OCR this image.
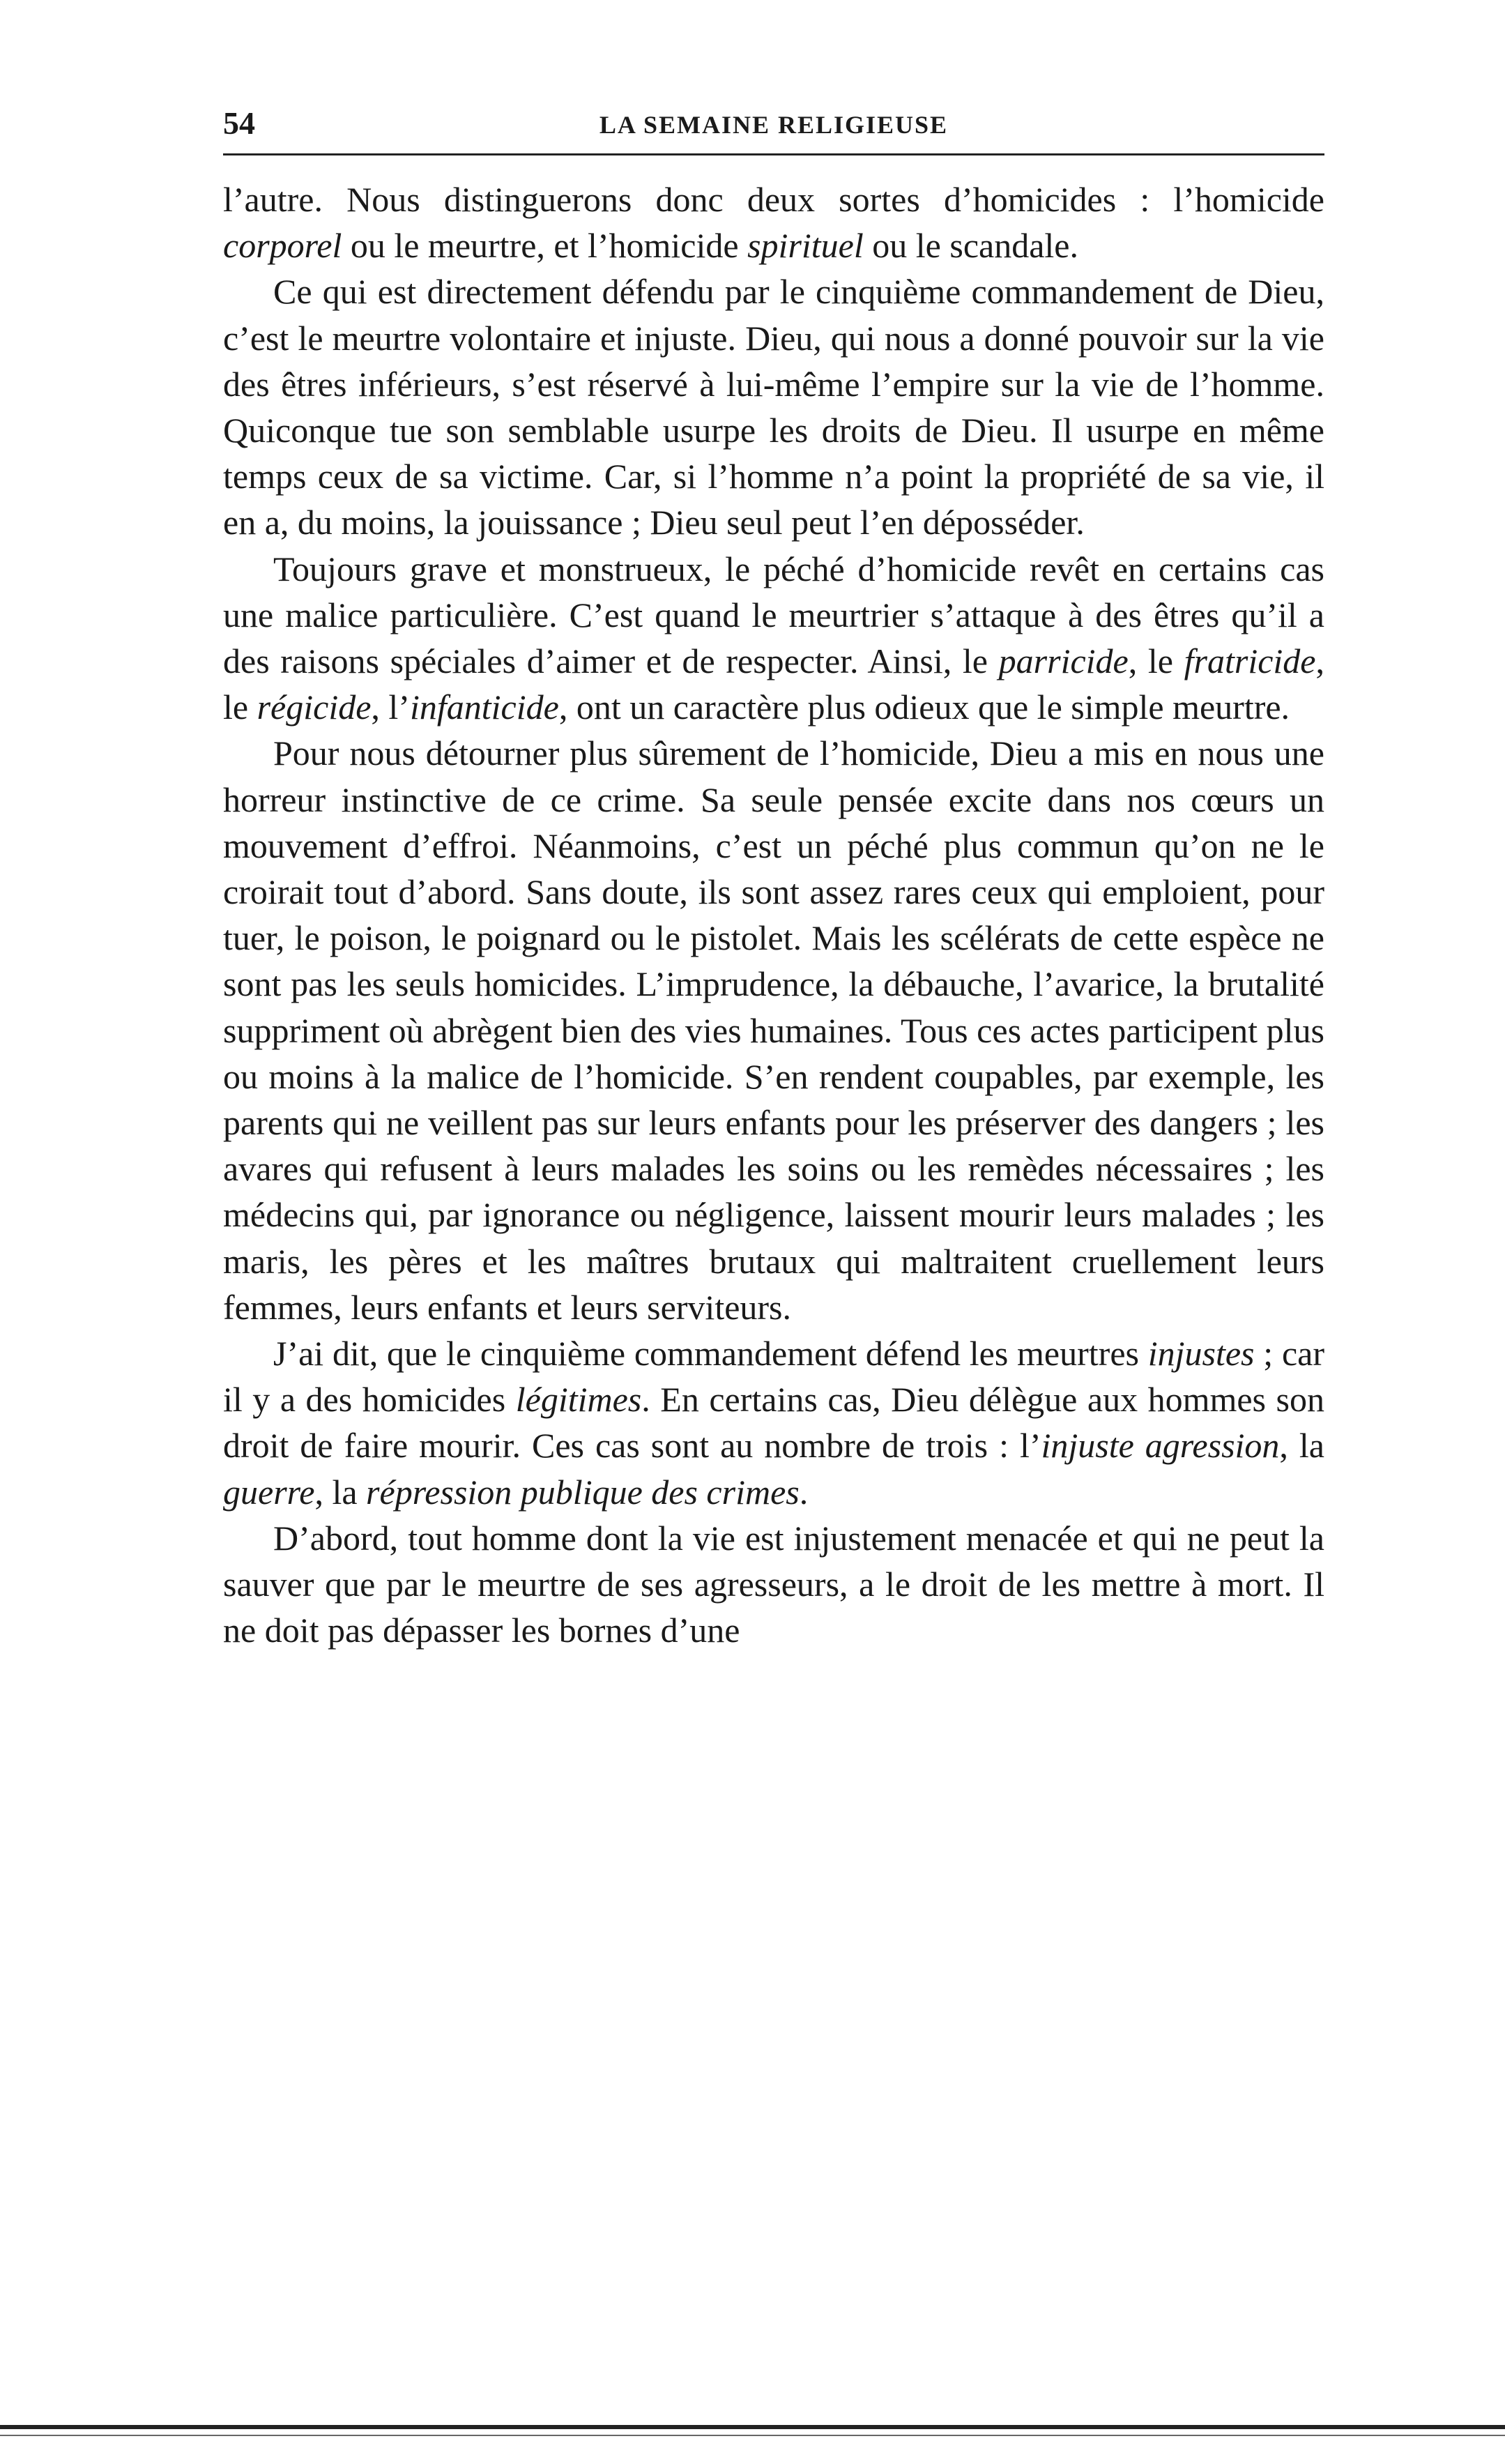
54	LA SEMAINE RELIGIEUSE

l’autre. Nous distinguerons donc deux sortes d’homicides : l’homicide corporel ou le meurtre, et l’homicide spirituel ou le scandale.

Ce qui est directement défendu par le cinquième commandement de Dieu, c’est le meurtre volontaire et injuste. Dieu, qui nous a donné pouvoir sur la vie des êtres inférieurs, s’est réservé à lui-même l’empire sur la vie de l’homme. Quiconque tue son semblable usurpe les droits de Dieu. Il usurpe en même temps ceux de sa victime. Car, si l’homme n’a point la propriété de sa vie, il en a, du moins, la jouissance ; Dieu seul peut l’en déposséder.

Toujours grave et monstrueux, le péché d’homicide revêt en certains cas une malice particulière. C’est quand le meurtrier s’attaque à des êtres qu’il a des raisons spéciales d’aimer et de respecter. Ainsi, le parricide, le fratricide, le régicide, l’infanticide, ont un caractère plus odieux que le simple meurtre.

Pour nous détourner plus sûrement de l’homicide, Dieu a mis en nous une horreur instinctive de ce crime. Sa seule pensée excite dans nos cœurs un mouvement d’effroi. Néanmoins, c’est un péché plus commun qu’on ne le croirait tout d’abord. Sans doute, ils sont assez rares ceux qui emploient, pour tuer, le poison, le poignard ou le pistolet. Mais les scélérats de cette espèce ne sont pas les seuls homicides. L’imprudence, la débauche, l’avarice, la brutalité suppriment où abrègent bien des vies humaines. Tous ces actes participent plus ou moins à la malice de l’homicide. S’en rendent coupables, par exemple, les parents qui ne veillent pas sur leurs enfants pour les préserver des dangers ; les avares qui refusent à leurs malades les soins ou les remèdes nécessaires ; les médecins qui, par ignorance ou négligence, laissent mourir leurs malades ; les maris, les pères et les maîtres brutaux qui maltraitent cruellement leurs femmes, leurs enfants et leurs serviteurs.

J’ai dit, que le cinquième commandement défend les meurtres injustes ; car il y a des homicides légitimes. En certains cas, Dieu délègue aux hommes son droit de faire mourir. Ces cas sont au nombre de trois : l’injuste agression, la guerre, la répression publique des crimes.

D’abord, tout homme dont la vie est injustement menacée et qui ne peut la sauver que par le meurtre de ses agresseurs, a le droit de les mettre à mort. Il ne doit pas dépasser les bornes d’une
